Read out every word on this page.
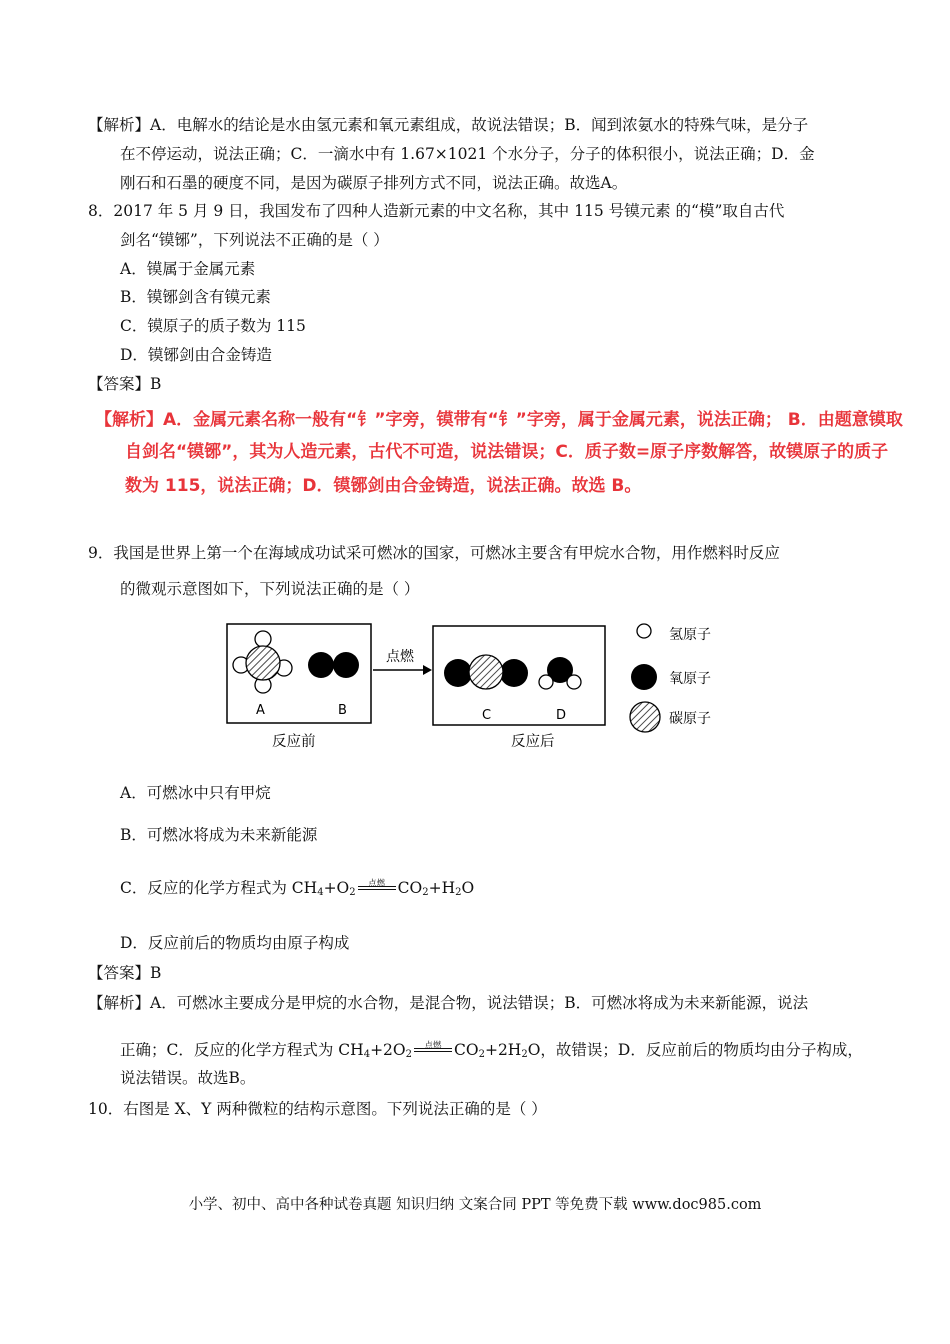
【解析】A．电解水的结论是水由氢元素和氧元素组成，故说法错误；B．闻到浓氨水的特殊气味，是分子
在不停运动，说法正确；C．一滴水中有 1.67×1021 个水分子，分子的体积很小，说法正确；D．金
刚石和石墨的硬度不同，是因为碳原子排列方式不同，说法正确。故选A。
8．2017 年 5 月 9 日，我国发布了四种人造新元素的中文名称，其中 115 号镆元素 的“模”取自古代
剑名“镆铘”，下列说法不正确的是（ ）
A．镆属于金属元素
B．镆铘剑含有镆元素
C．镆原子的质子数为 115
D．镆铘剑由合金铸造
【答案】B
【解析】A．金属元素名称一般有“钅”字旁，镆带有“钅”字旁，属于金属元素，说法正确； B．由题意镆取
自剑名“镆铘”，其为人造元素，古代不可造，说法错误；C．质子数=原子序数解答，故镆原子的质子
数为 115，说法正确；D．镆铘剑由合金铸造，说法正确。故选 B。
9．我国是世界上第一个在海域成功试采可燃冰的国家，可燃冰主要含有甲烷水合物，用作燃料时反应
的微观示意图如下，下列说法正确的是（ ）
A	B
反应前
点燃
C	D
反应后
氢原子
氧原子
碳原子
A．可燃冰中只有甲烷
B．可燃冰将成为未来新能源
C．反应的化学方程式为 $CH_4+O_2$
点燃 $CO_2+H_2O$
D．反应前后的物质均由原子构成
【答案】B
【解析】A．可燃冰主要成分是甲烷的水合物，是混合物，说法错误；B．可燃冰将成为未来新能源，说法
正确；C．反应的化学方程式为 $CH_4+2O_2$
点燃 $CO_2+2H_2O$，故错误；D．反应前后的物质均由分子构成，
说法错误。故选B。
10．右图是 X、Y 两种微粒的结构示意图。下列说法正确的是（ ）
小学、初中、高中各种试卷真题 知识归纳 文案合同 PPT 等免费下载 www.doc985.com
